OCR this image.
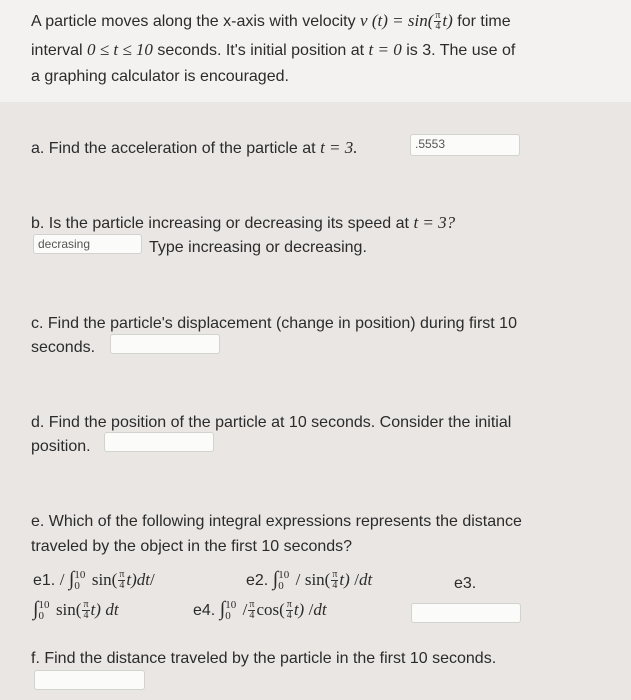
A particle moves along the x-axis with velocity v $(t) = \sin( \frac{\pi}{4} t)$ for time
interval 0 ≤ t ≤ 10 seconds. It's initial position at t = 0 is 3. The use of
a graphing calculator is encouraged.
a. Find the acceleration of the particle at t = 3.	.5553
b. Is the particle increasing or decreasing its speed at t = 3?
decrasing	Type increasing or decreasing.
c. Find the particle's displacement (change in position) during first 10
seconds.
d. Find the position of the particle at 10 seconds. Consider the initial
position.
e. Which of the following integral expressions represents the distance
traveled by the object in the first 10 seconds?
e1. / ∫ 10
0 $\sin( \frac{\pi}{4} t)dt/$	e2. ∫ 10
$0 / \sin( \frac{\pi}{4} t)$ /dt	e3.
∫ 10
0 $\sin( \frac{\pi}{4} t)$ dt	e4. ∫ 10
$0 / \frac{\pi}{4} \cos( \frac{\pi}{4} t)$ /dt
f. Find the distance traveled by the particle in the first 10 seconds.
